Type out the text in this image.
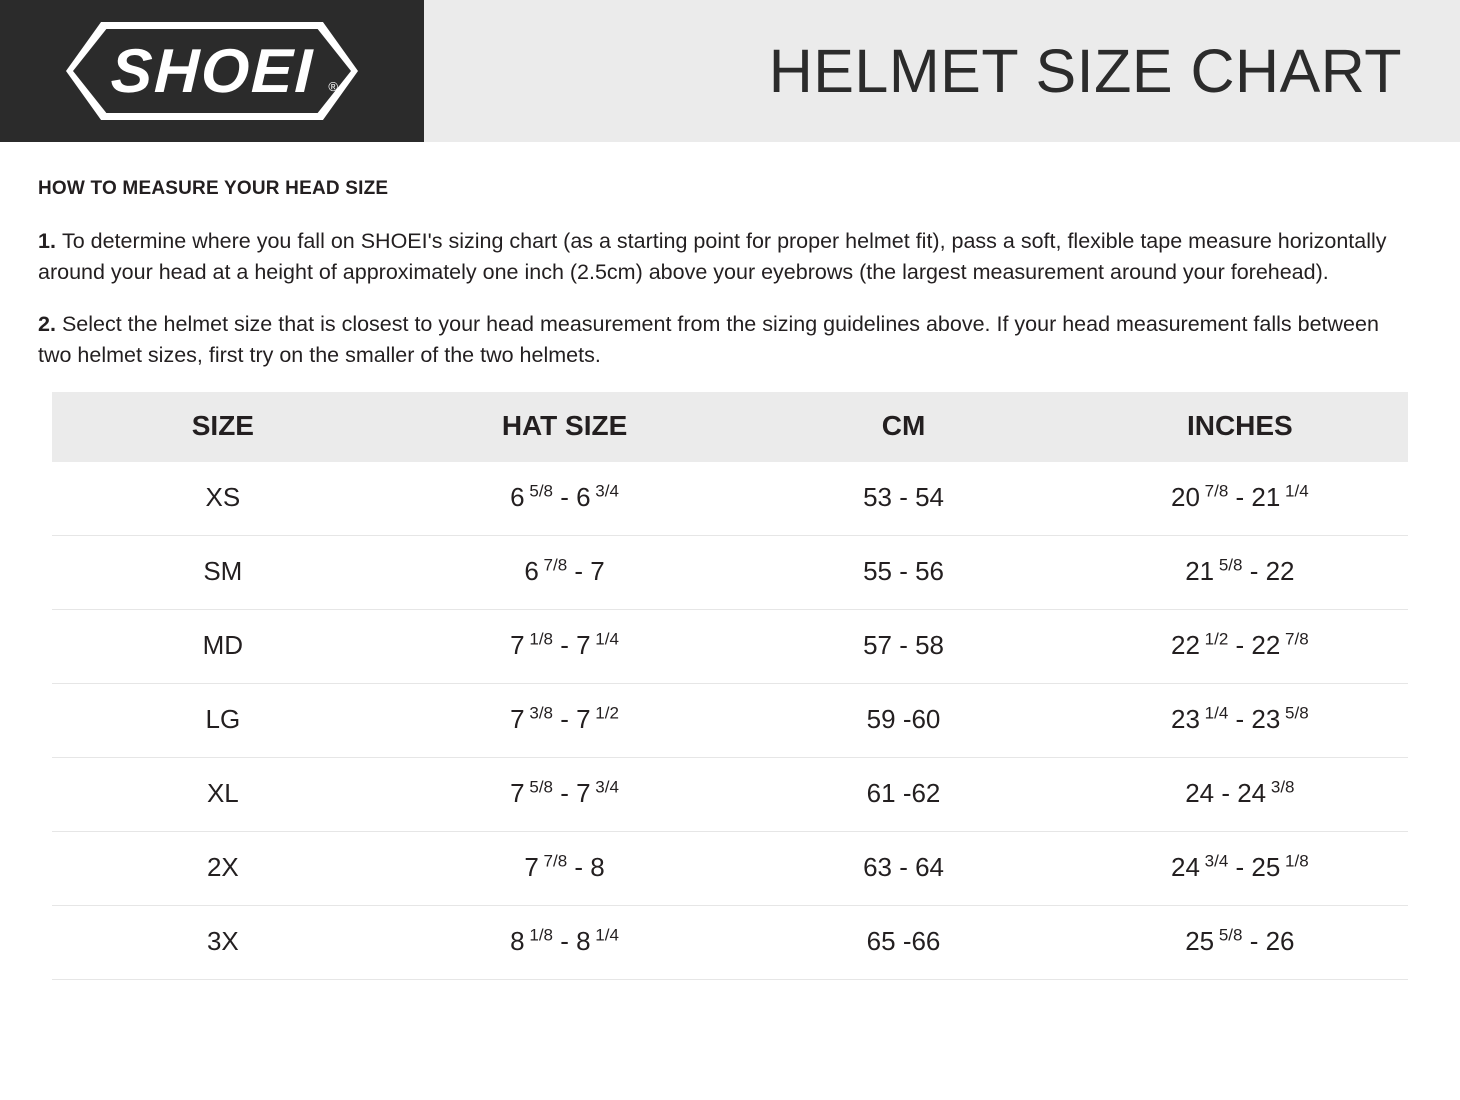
SHOEI ®	HELMET SIZE CHART
HOW TO MEASURE YOUR HEAD SIZE
1. To determine where you fall on SHOEI's sizing chart (as a starting point for proper helmet fit), pass a soft, flexible tape measure horizontally around your head at a height of approximately one inch (2.5cm) above your eyebrows (the largest measurement around your forehead).
2. Select the helmet size that is closest to your head measurement from the sizing guidelines above. If your head measurement falls between two helmet sizes, first try on the smaller of the two helmets.
SIZE	HAT SIZE	CM	INCHES
XS	6 $^{5/8}$ - 6 $^{3/4}$	53 - 54	20 $^{7/8}$ - 21 $^{1/4}$
SM	6 $^{7/8}$ - 7	55 - 56	21 $^{5/8}$ - 22
MD	7 $^{1/8}$ - 7 $^{1/4}$	57 - 58	22 $^{1/2}$ - 22 $^{7/8}$
LG	7 $^{3/8}$ - 7 $^{1/2}$	59 -60	23 $^{1/4}$ - 23 $^{5/8}$
XL	7 $^{5/8}$ - 7 $^{3/4}$	61 -62	24 - 24 $^{3/8}$
2X	7 $^{7/8}$ - 8	63 - 64	24 $^{3/4}$ - 25 $^{1/8}$
3X	8 $^{1/8}$ - 8 $^{1/4}$	65 -66	25 $^{5/8}$ - 26
